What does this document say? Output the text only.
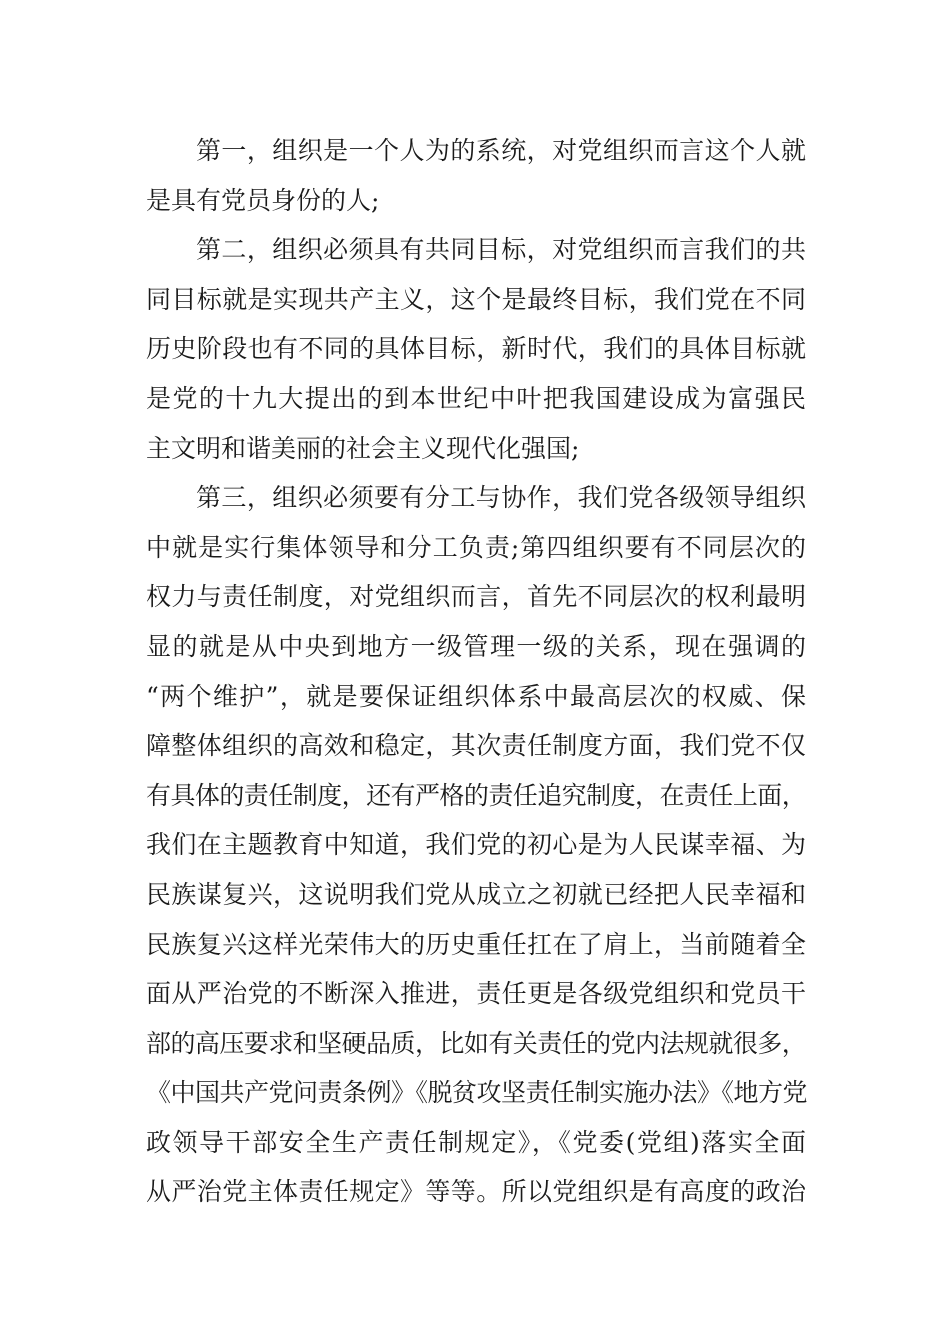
第一，组织是一个人为的系统，对党组织而言这个人就
是具有党员身份的人;
第二，组织必须具有共同目标，对党组织而言我们的共
同目标就是实现共产主义，这个是最终目标，我们党在不同
历史阶段也有不同的具体目标，新时代，我们的具体目标就
是党的十九大提出的到本世纪中叶把我国建设成为富强民
主文明和谐美丽的社会主义现代化强国;
第三，组织必须要有分工与协作，我们党各级领导组织
中就是实行集体领导和分工负责;第四组织要有不同层次的
权力与责任制度，对党组织而言，首先不同层次的权利最明
显的就是从中央到地方一级管理一级的关系，现在强调的
“两个维护”，就是要保证组织体系中最高层次的权威、保
障整体组织的高效和稳定，其次责任制度方面，我们党不仅
有具体的责任制度，还有严格的责任追究制度，在责任上面，
我们在主题教育中知道，我们党的初心是为人民谋幸福、为
民族谋复兴，这说明我们党从成立之初就已经把人民幸福和
民族复兴这样光荣伟大的历史重任扛在了肩上，当前随着全
面从严治党的不断深入推进，责任更是各级党组织和党员干
部的高压要求和坚硬品质，比如有关责任的党内法规就很多，
《中国共产党问责条例》《脱贫攻坚责任制实施办法》《地方党
政领导干部安全生产责任制规定》，《党委(党组)落实全面
从严治党主体责任规定》等等。所以党组织是有高度的政治
